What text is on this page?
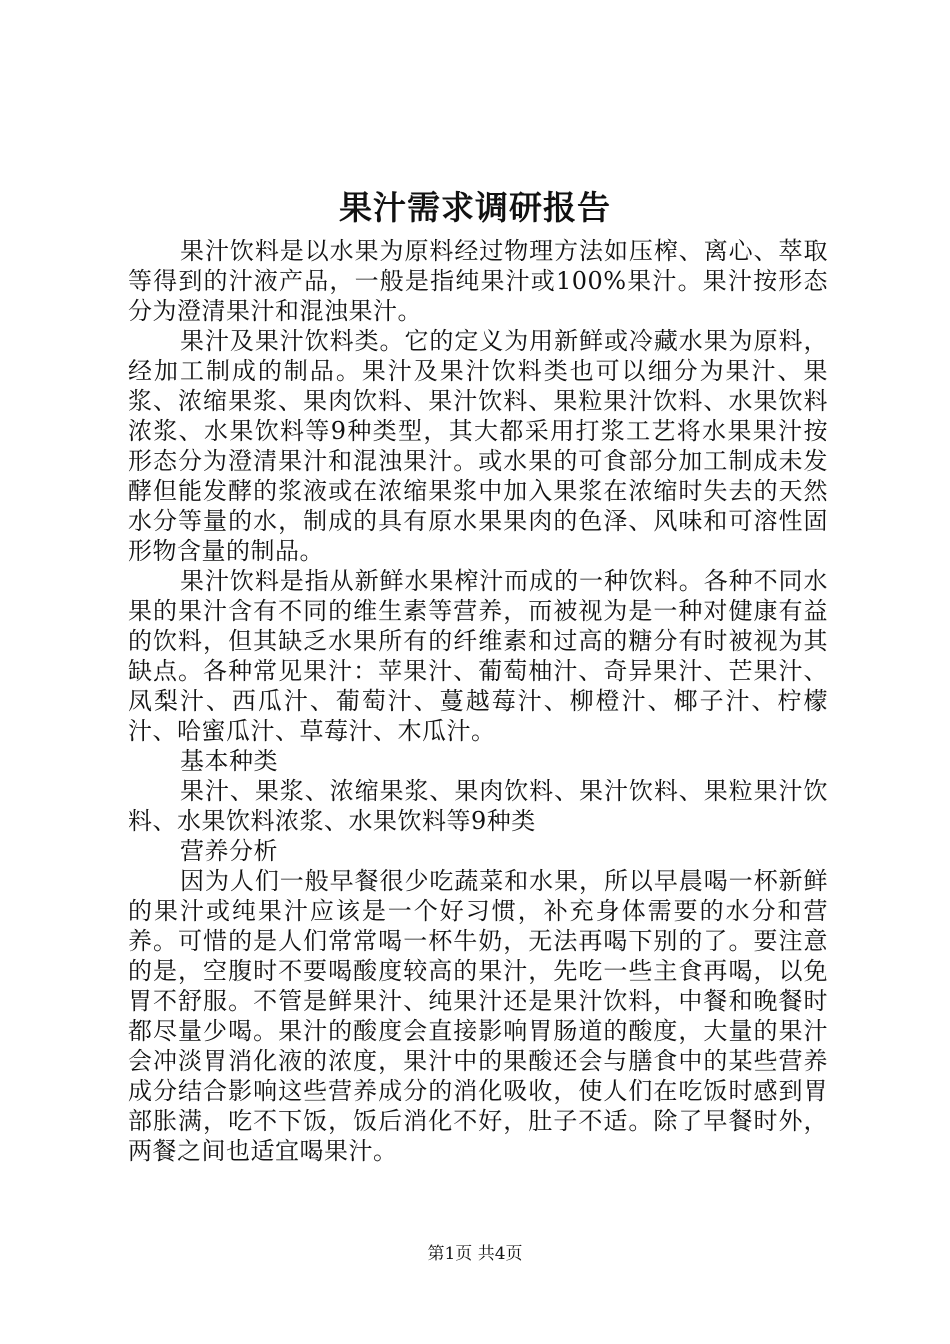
果汁需求调研报告

果汁饮料是以水果为原料经过物理方法如压榨、离心、萃取等得到的汁液产品，一般是指纯果汁或100%果汁。果汁按形态分为澄清果汁和混浊果汁。

果汁及果汁饮料类。它的定义为用新鲜或冷藏水果为原料，经加工制成的制品。果汁及果汁饮料类也可以细分为果汁、果浆、浓缩果浆、果肉饮料、果汁饮料、果粒果汁饮料、水果饮料浓浆、水果饮料等9种类型，其大都采用打浆工艺将水果果汁按形态分为澄清果汁和混浊果汁。或水果的可食部分加工制成未发酵但能发酵的浆液或在浓缩果浆中加入果浆在浓缩时失去的天然水分等量的水，制成的具有原水果果肉的色泽、风味和可溶性固形物含量的制品。

果汁饮料是指从新鲜水果榨汁而成的一种饮料。各种不同水果的果汁含有不同的维生素等营养，而被视为是一种对健康有益的饮料，但其缺乏水果所有的纤维素和过高的糖分有时被视为其缺点。各种常见果汁：苹果汁、葡萄柚汁、奇异果汁、芒果汁、凤梨汁、西瓜汁、葡萄汁、蔓越莓汁、柳橙汁、椰子汁、柠檬汁、哈蜜瓜汁、草莓汁、木瓜汁。

基本种类

果汁、果浆、浓缩果浆、果肉饮料、果汁饮料、果粒果汁饮料、水果饮料浓浆、水果饮料等9种类

营养分析

因为人们一般早餐很少吃蔬菜和水果，所以早晨喝一杯新鲜的果汁或纯果汁应该是一个好习惯，补充身体需要的水分和营养。可惜的是人们常常喝一杯牛奶，无法再喝下别的了。要注意的是，空腹时不要喝酸度较高的果汁，先吃一些主食再喝，以免胃不舒服。不管是鲜果汁、纯果汁还是果汁饮料，中餐和晚餐时都尽量少喝。果汁的酸度会直接影响胃肠道的酸度，大量的果汁会冲淡胃消化液的浓度，果汁中的果酸还会与膳食中的某些营养成分结合影响这些营养成分的消化吸收，使人们在吃饭时感到胃部胀满，吃不下饭，饭后消化不好，肚子不适。除了早餐时外，两餐之间也适宜喝果汁。

第1页 共4页
